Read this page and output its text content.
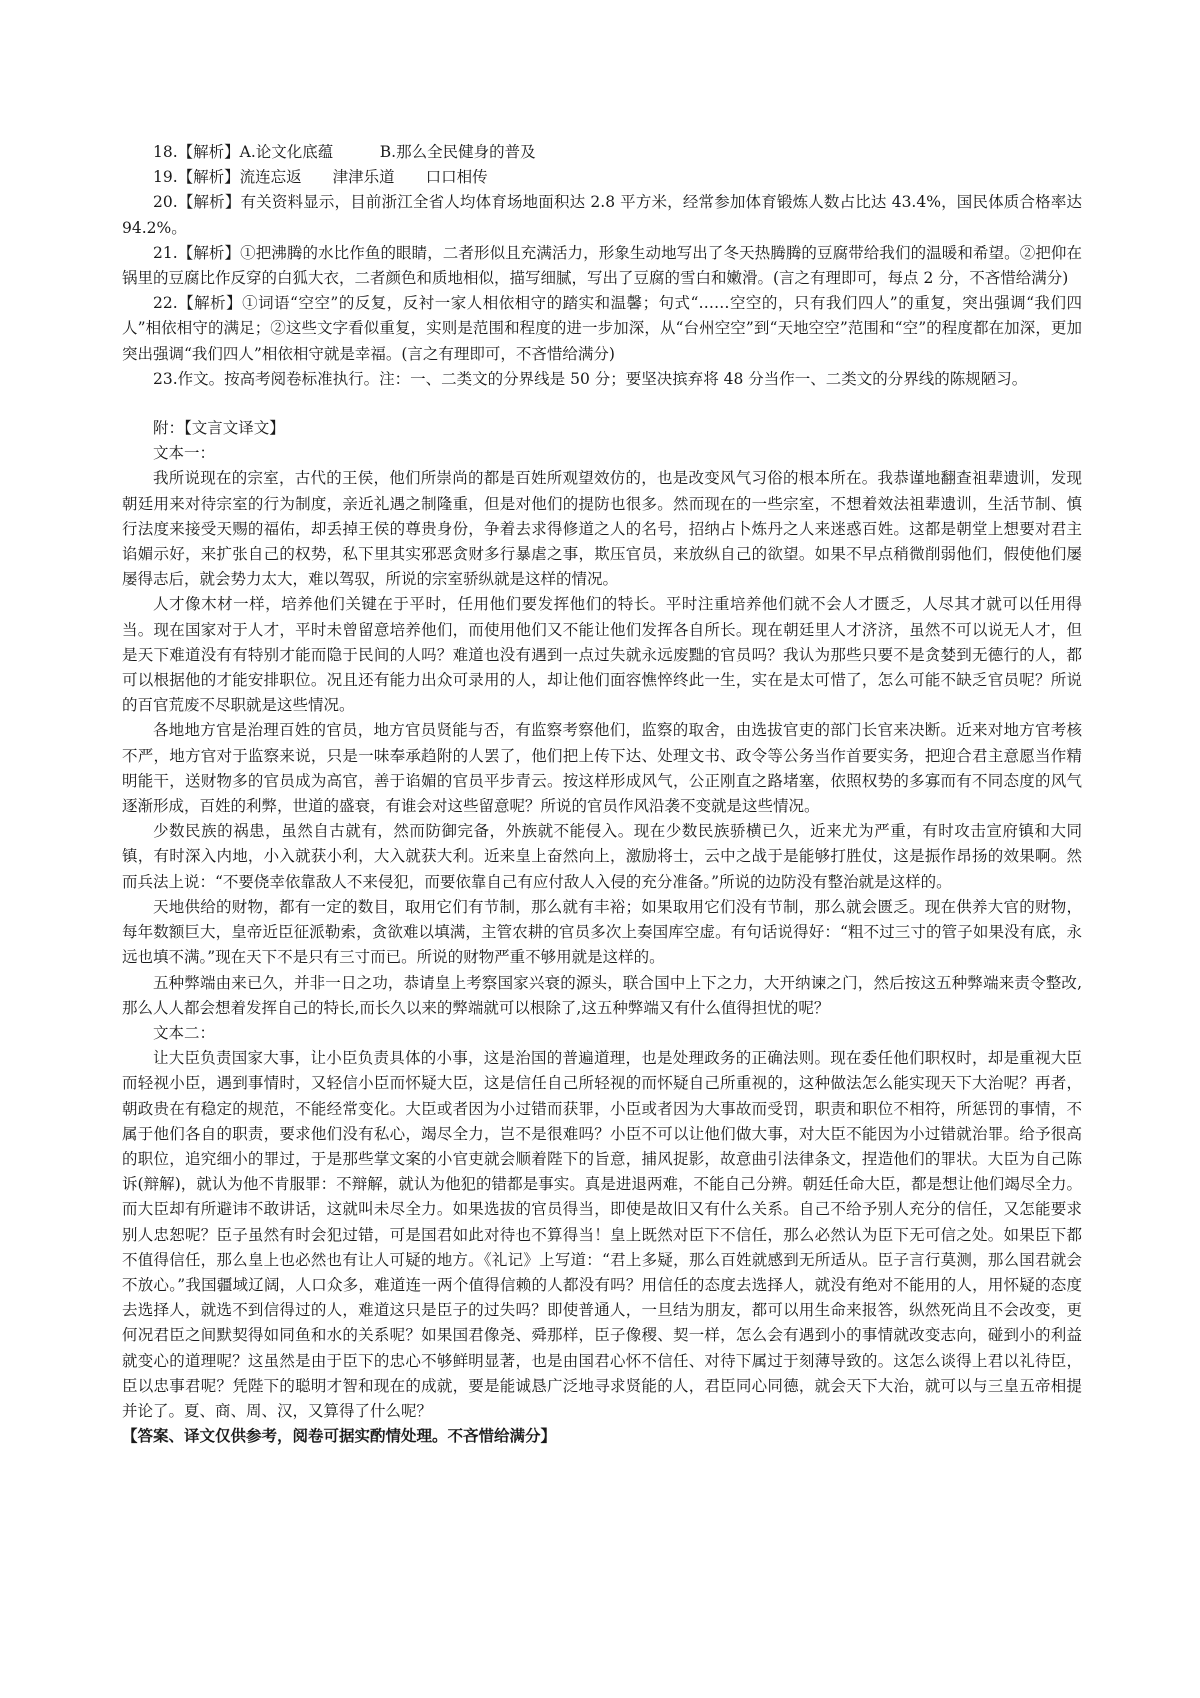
18.【解析】A.论文化底蕴　　　B.那么全民健身的普及

19.【解析】流连忘返　　津津乐道　　口口相传

20.【解析】有关资料显示，目前浙江全省人均体育场地面积达 2.8 平方米，经常参加体育锻炼人数占比达 43.4%，国民体质合格率达 94.2%。

21.【解析】①把沸腾的水比作鱼的眼睛，二者形似且充满活力，形象生动地写出了冬天热腾腾的豆腐带给我们的温暖和希望。②把仰在锅里的豆腐比作反穿的白狐大衣，二者颜色和质地相似，描写细腻，写出了豆腐的雪白和嫩滑。(言之有理即可，每点 2 分，不吝惜给满分)

22.【解析】①词语“空空”的反复，反衬一家人相依相守的踏实和温馨；句式“……空空的，只有我们四人”的重复，突出强调“我们四人”相依相守的满足；②这些文字看似重复，实则是范围和程度的进一步加深，从“台州空空”到“天地空空”范围和“空”的程度都在加深，更加突出强调“我们四人”相依相守就是幸福。(言之有理即可，不吝惜给满分)

23.作文。按高考阅卷标准执行。注：一、二类文的分界线是 50 分；要坚决摈弃将 48 分当作一、二类文的分界线的陈规陋习。

附：【文言文译文】

文本一：

我所说现在的宗室，古代的王侯，他们所崇尚的都是百姓所观望效仿的，也是改变风气习俗的根本所在。我恭谨地翻查祖辈遗训，发现朝廷用来对待宗室的行为制度，亲近礼遇之制隆重，但是对他们的提防也很多。然而现在的一些宗室，不想着效法祖辈遗训，生活节制、慎行法度来接受天赐的福佑，却丢掉王侯的尊贵身份，争着去求得修道之人的名号，招纳占卜炼丹之人来迷惑百姓。这都是朝堂上想要对君主谄媚示好，来扩张自己的权势，私下里其实邪恶贪财多行暴虐之事，欺压官员，来放纵自己的欲望。如果不早点稍微削弱他们，假使他们屡屡得志后，就会势力太大，难以驾驭，所说的宗室骄纵就是这样的情况。

人才像木材一样，培养他们关键在于平时，任用他们要发挥他们的特长。平时注重培养他们就不会人才匮乏，人尽其才就可以任用得当。现在国家对于人才，平时未曾留意培养他们，而使用他们又不能让他们发挥各自所长。现在朝廷里人才济济，虽然不可以说无人才，但是天下难道没有有特别才能而隐于民间的人吗？难道也没有遇到一点过失就永远废黜的官员吗？我认为那些只要不是贪婪到无德行的人，都可以根据他的才能安排职位。况且还有能力出众可录用的人，却让他们面容憔悴终此一生，实在是太可惜了，怎么可能不缺乏官员呢？所说的百官荒废不尽职就是这些情况。

各地地方官是治理百姓的官员，地方官员贤能与否，有监察考察他们，监察的取舍，由选拔官吏的部门长官来决断。近来对地方官考核不严，地方官对于监察来说，只是一味奉承趋附的人罢了，他们把上传下达、处理文书、政令等公务当作首要实务，把迎合君主意愿当作精明能干，送财物多的官员成为高官，善于谄媚的官员平步青云。按这样形成风气，公正刚直之路堵塞，依照权势的多寡而有不同态度的风气逐渐形成，百姓的利弊，世道的盛衰，有谁会对这些留意呢？所说的官员作风沿袭不变就是这些情况。

少数民族的祸患，虽然自古就有，然而防御完备，外族就不能侵入。现在少数民族骄横已久，近来尤为严重，有时攻击宣府镇和大同镇，有时深入内地，小入就获小利，大入就获大利。近来皇上奋然向上，激励将士，云中之战于是能够打胜仗，这是振作昂扬的效果啊。然而兵法上说：“不要侥幸依靠敌人不来侵犯，而要依靠自己有应付敌人入侵的充分准备。”所说的边防没有整治就是这样的。

天地供给的财物，都有一定的数目，取用它们有节制，那么就有丰裕；如果取用它们没有节制，那么就会匮乏。现在供养大官的财物，每年数额巨大，皇帝近臣征派勒索，贪欲难以填满，主管农耕的官员多次上奏国库空虚。有句话说得好：“粗不过三寸的管子如果没有底，永远也填不满。”现在天下不是只有三寸而已。所说的财物严重不够用就是这样的。

五种弊端由来已久，并非一日之功，恭请皇上考察国家兴衰的源头，联合国中上下之力，大开纳谏之门，然后按这五种弊端来责令整改,那么人人都会想着发挥自己的特长,而长久以来的弊端就可以根除了,这五种弊端又有什么值得担忧的呢？

文本二：

让大臣负责国家大事，让小臣负责具体的小事，这是治国的普遍道理，也是处理政务的正确法则。现在委任他们职权时，却是重视大臣而轻视小臣，遇到事情时，又轻信小臣而怀疑大臣，这是信任自己所轻视的而怀疑自己所重视的，这种做法怎么能实现天下大治呢？再者，朝政贵在有稳定的规范，不能经常变化。大臣或者因为小过错而获罪，小臣或者因为大事故而受罚，职责和职位不相符，所惩罚的事情，不属于他们各自的职责，要求他们没有私心，竭尽全力，岂不是很难吗？小臣不可以让他们做大事，对大臣不能因为小过错就治罪。给予很高的职位，追究细小的罪过，于是那些掌文案的小官吏就会顺着陛下的旨意，捕风捉影，故意曲引法律条文，捏造他们的罪状。大臣为自己陈诉(辩解)，就认为他不肯服罪：不辩解，就认为他犯的错都是事实。真是进退两难，不能自己分辨。朝廷任命大臣，都是想让他们竭尽全力。而大臣却有所避讳不敢讲话，这就叫未尽全力。如果选拔的官员得当，即使是故旧又有什么关系。自己不给予别人充分的信任，又怎能要求别人忠恕呢？臣子虽然有时会犯过错，可是国君如此对待也不算得当！皇上既然对臣下不信任，那么必然认为臣下无可信之处。如果臣下都不值得信任，那么皇上也必然也有让人可疑的地方。《礼记》上写道：“君上多疑，那么百姓就感到无所适从。臣子言行莫测，那么国君就会不放心。”我国疆域辽阔，人口众多，难道连一两个值得信赖的人都没有吗？用信任的态度去选择人，就没有绝对不能用的人，用怀疑的态度去选择人，就选不到信得过的人，难道这只是臣子的过失吗？即使普通人，一旦结为朋友，都可以用生命来报答，纵然死尚且不会改变，更何况君臣之间默契得如同鱼和水的关系呢？如果国君像尧、舜那样，臣子像稷、契一样，怎么会有遇到小的事情就改变志向，碰到小的利益就变心的道理呢？这虽然是由于臣下的忠心不够鲜明显著，也是由国君心怀不信任、对待下属过于刻薄导致的。这怎么谈得上君以礼待臣，臣以忠事君呢？凭陛下的聪明才智和现在的成就，要是能诚恳广泛地寻求贤能的人，君臣同心同德，就会天下大治，就可以与三皇五帝相提并论了。夏、商、周、汉，又算得了什么呢？

【答案、译文仅供参考，阅卷可据实酌情处理。不吝惜给满分】
